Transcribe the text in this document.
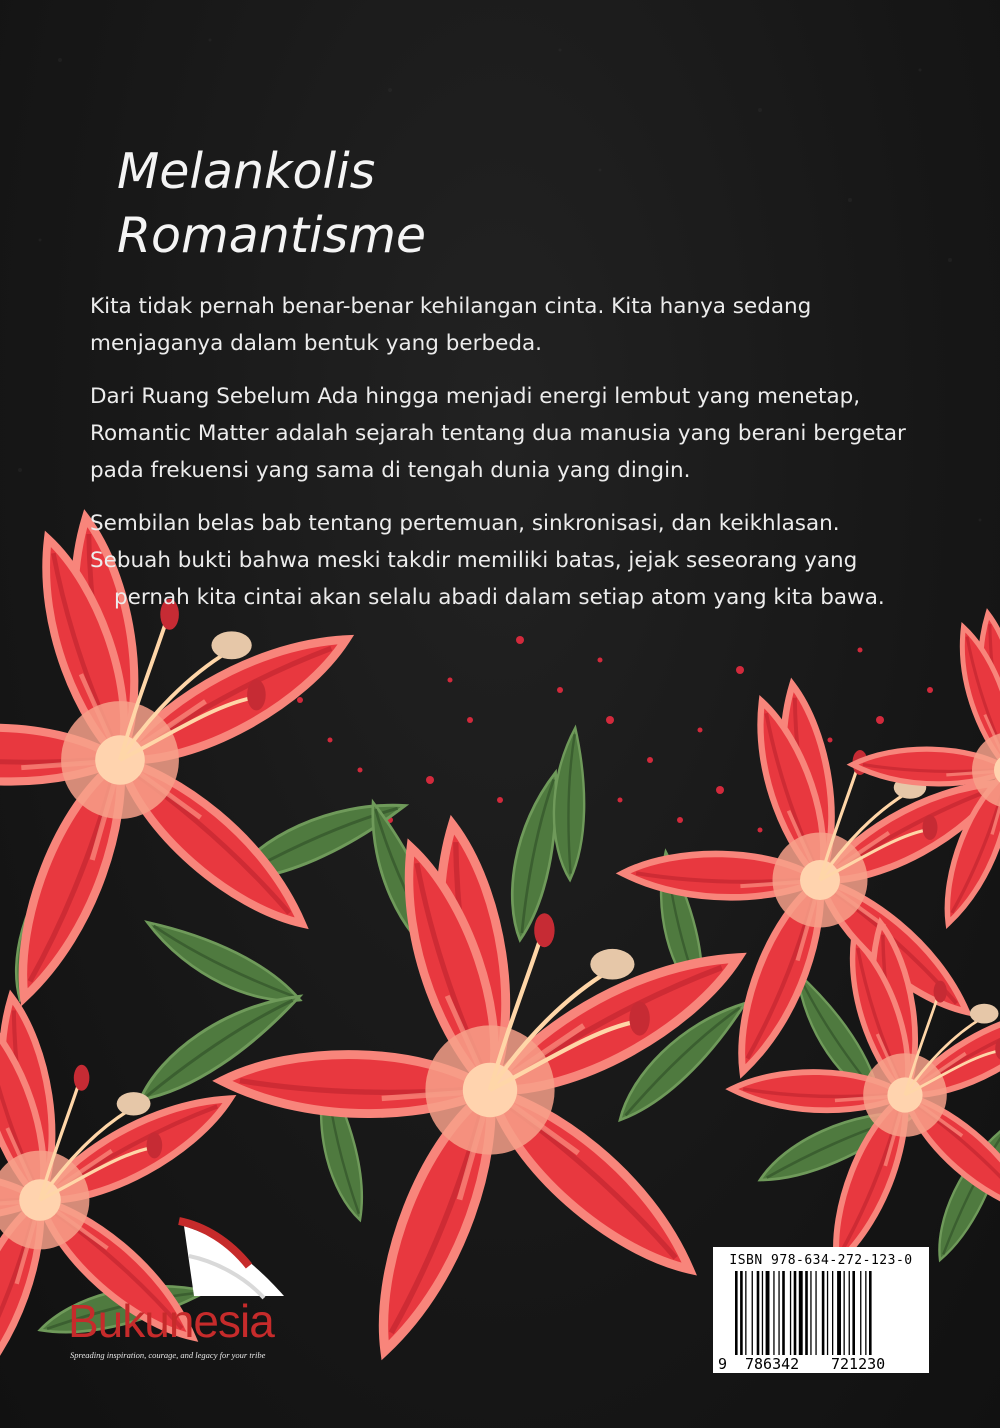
Melankolis
Romantisme

Kita tidak pernah benar-benar kehilangan cinta. Kita hanya sedang
menjaganya dalam bentuk yang berbeda.

Dari Ruang Sebelum Ada hingga menjadi energi lembut yang menetap,
Romantic Matter adalah sejarah tentang dua manusia yang berani bergetar
pada frekuensi yang sama di tengah dunia yang dingin.

Sembilan belas bab tentang pertemuan, sinkronisasi, dan keikhlasan.
Sebuah bukti bahwa meski takdir memiliki batas, jejak seseorang yang
pernah kita cintai akan selalu abadi dalam setiap atom yang kita bawa.

Bukunesia

Spreading inspiration, courage, and legacy for your tribe
ISBN 978-634-272-123-0
9 786342 721230
